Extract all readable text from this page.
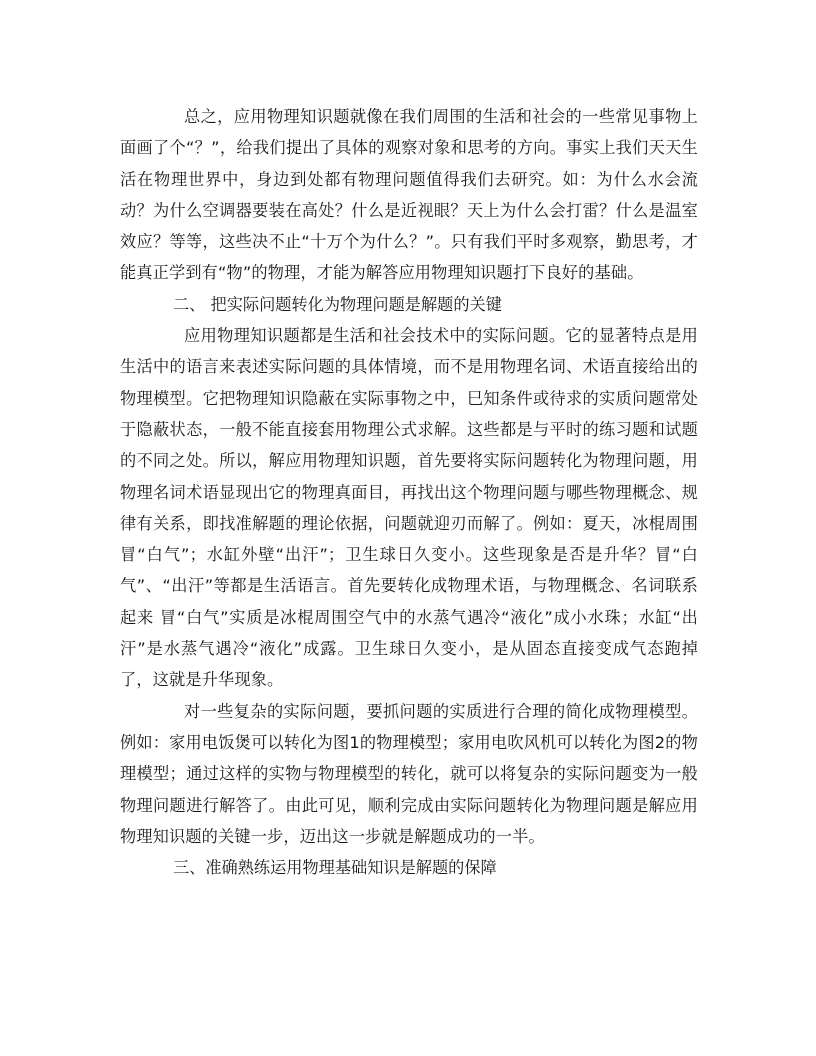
总之，应用物理知识题就像在我们周围的生活和社会的一些常见事物上面画了个“？”，给我们提出了具体的观察对象和思考的方向。事实上我们天天生活在物理世界中，身边到处都有物理问题值得我们去研究。如：为什么水会流动？为什么空调器要装在高处？什么是近视眼？天上为什么会打雷？什么是温室效应？等等，这些决不止“十万个为什么？”。只有我们平时多观察，勤思考，才能真正学到有“物”的物理，才能为解答应用物理知识题打下良好的基础。

二、 把实际问题转化为物理问题是解题的关键

应用物理知识题都是生活和社会技术中的实际问题。它的显著特点是用生活中的语言来表述实际问题的具体情境，而不是用物理名词、术语直接给出的物理模型。它把物理知识隐蔽在实际事物之中，巳知条件或待求的实质问题常处于隐蔽状态，一般不能直接套用物理公式求解。这些都是与平时的练习题和试题的不同之处。所以，解应用物理知识题，首先要将实际问题转化为物理问题，用物理名词术语显现出它的物理真面目，再找出这个物理问题与哪些物理概念、规律有关系，即找准解题的理论依据，问题就迎刃而解了。例如：夏天，冰棍周围冒“白气”；水缸外壁“出汗”；卫生球日久变小。这些现象是否是升华？冒“白气”、“出汗”等都是生活语言。首先要转化成物理术语，与物理概念、名词联系起来 冒“白气”实质是冰棍周围空气中的水蒸气遇冷“液化”成小水珠；水缸“出汗”是水蒸气遇冷“液化”成露。卫生球日久变小，是从固态直接变成气态跑掉了，这就是升华现象。

对一些复杂的实际问题，要抓问题的实质进行合理的简化成物理模型。例如：家用电饭煲可以转化为图1的物理模型；家用电吹风机可以转化为图2的物理模型；通过这样的实物与物理模型的转化，就可以将复杂的实际问题变为一般物理问题进行解答了。由此可见，顺利完成由实际问题转化为物理问题是解应用物理知识题的关键一步，迈出这一步就是解题成功的一半。

三、准确熟练运用物理基础知识是解题的保障
